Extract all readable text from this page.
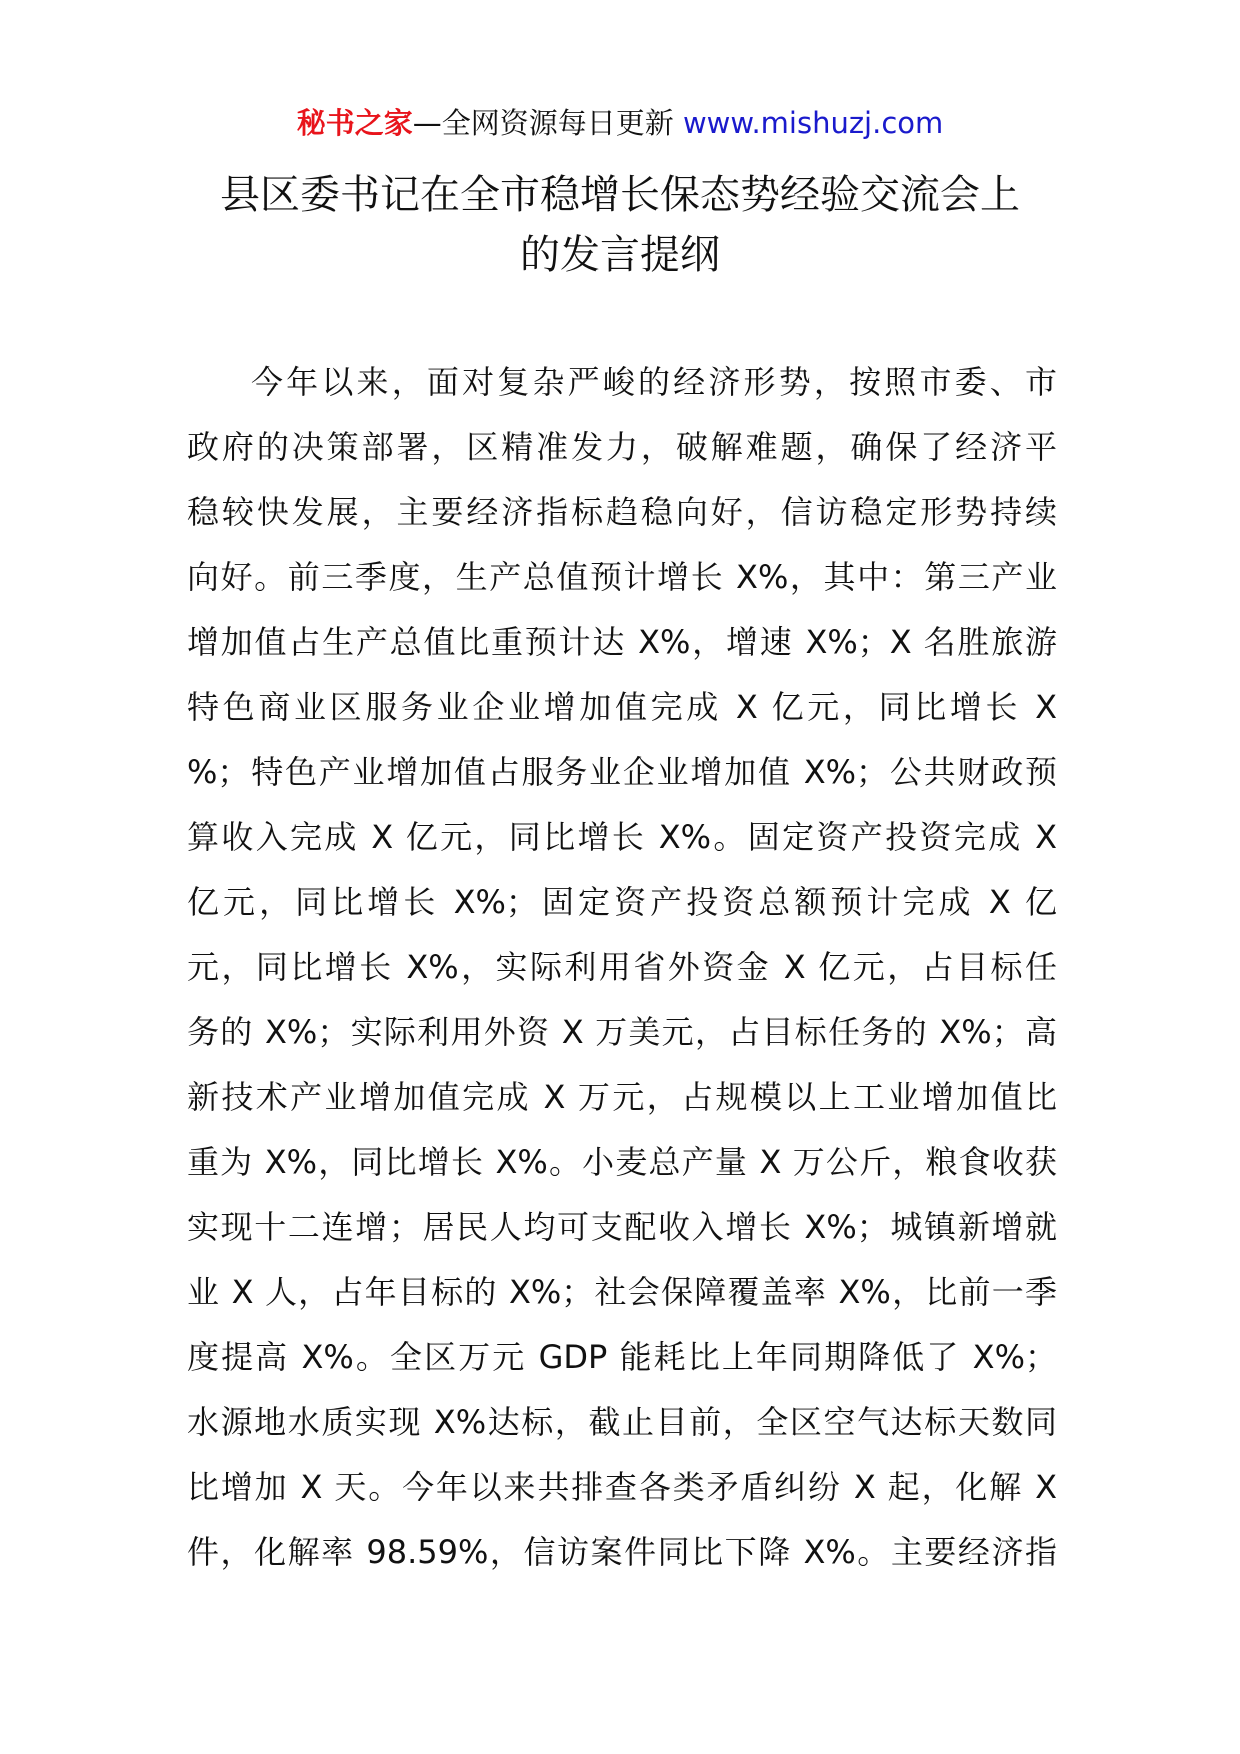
秘书之家—全网资源每日更新 www.mishuzj.com
县区委书记在全市稳增长保态势经验交流会上
的发言提纲
今年以来，面对复杂严峻的经济形势，按照市委、市
政府的决策部署，区精准发力，破解难题，确保了经济平
稳较快发展，主要经济指标趋稳向好，信访稳定形势持续
向好。前三季度，生产总值预计增长 X%，其中：第三产业
增加值占生产总值比重预计达 X%，增速 X%；X 名胜旅游
特色商业区服务业企业增加值完成 X 亿元，同比增长 X
%；特色产业增加值占服务业企业增加值 X%；公共财政预
算收入完成 X 亿元，同比增长 X%。固定资产投资完成 X
亿元，同比增长 X%；固定资产投资总额预计完成 X 亿
元，同比增长 X%，实际利用省外资金 X 亿元，占目标任
务的 X%；实际利用外资 X 万美元，占目标任务的 X%；高
新技术产业增加值完成 X 万元，占规模以上工业增加值比
重为 X%，同比增长 X%。小麦总产量 X 万公斤，粮食收获
实现十二连增；居民人均可支配收入增长 X%；城镇新增就
业 X 人，占年目标的 X%；社会保障覆盖率 X%，比前一季
度提高 X%。全区万元 GDP 能耗比上年同期降低了 X%；
水源地水质实现 X%达标，截止目前，全区空气达标天数同
比增加 X 天。今年以来共排查各类矛盾纠纷 X 起，化解 X
件，化解率 98.59%，信访案件同比下降 X%。主要经济指
